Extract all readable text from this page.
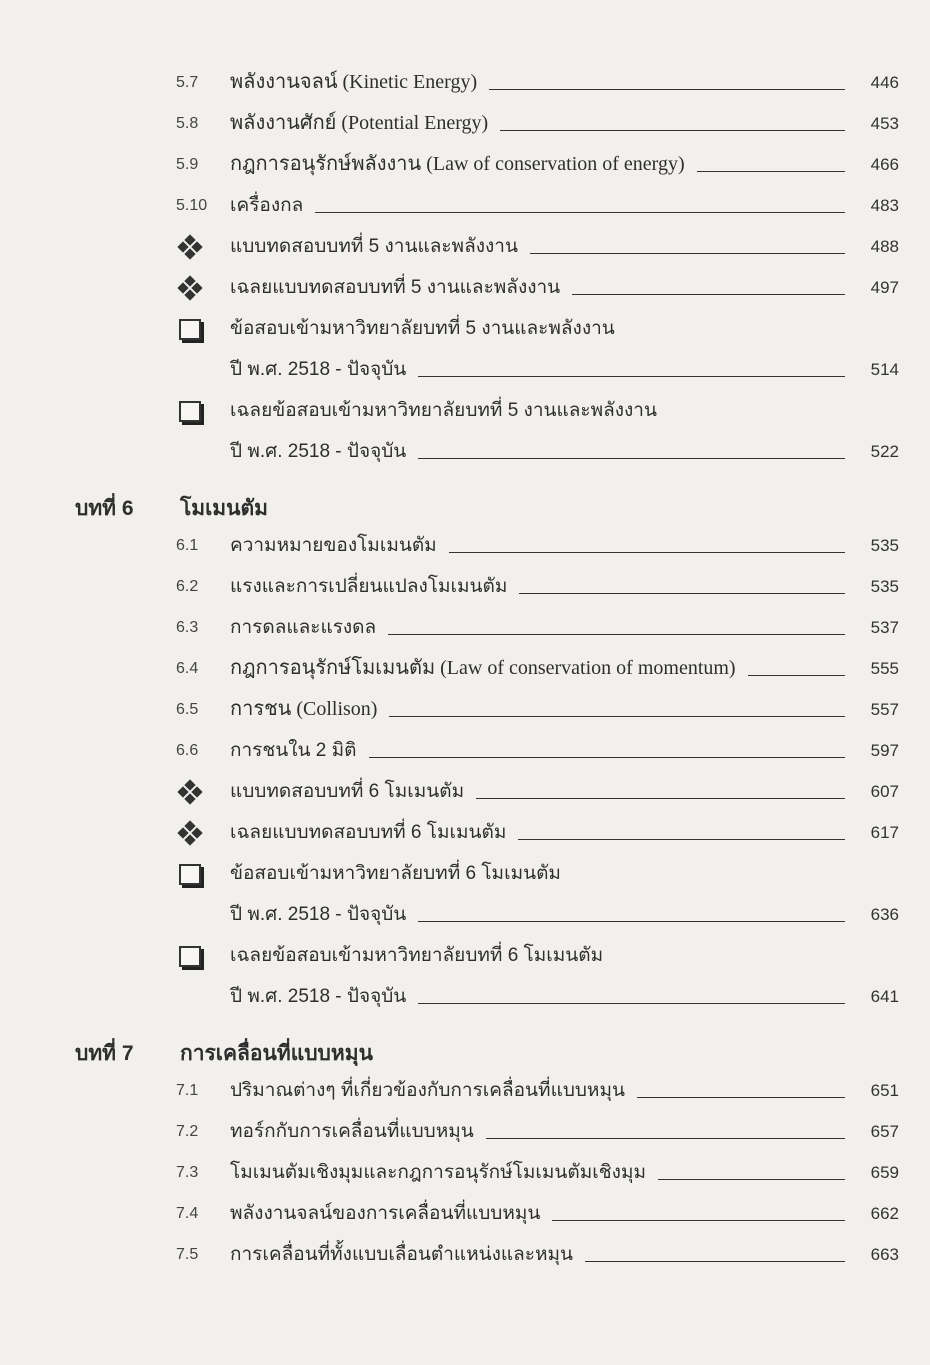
5.7 พลังงานจลน์ (Kinetic Energy)	446
5.8 พลังงานศักย์ (Potential Energy)	453
5.9 กฎการอนุรักษ์พลังงาน (Law of conservation of energy)	466
5.10 เครื่องกล	483
แบบทดสอบบทที่ 5 งานและพลังงาน	488
เฉลยแบบทดสอบบทที่ 5 งานและพลังงาน	497
ข้อสอบเข้ามหาวิทยาลัยบทที่ 5 งานและพลังงาน
ปี พ.ศ. 2518 - ปัจจุบัน	514
เฉลยข้อสอบเข้ามหาวิทยาลัยบทที่ 5 งานและพลังงาน
ปี พ.ศ. 2518 - ปัจจุบัน	522
บทที่ 6 โมเมนตัม
6.1 ความหมายของโมเมนตัม	535
6.2 แรงและการเปลี่ยนแปลงโมเมนตัม	535
6.3 การดลและแรงดล	537
6.4 กฎการอนุรักษ์โมเมนตัม (Law of conservation of momentum)	555
6.5 การชน (Collison)	557
6.6 การชนใน 2 มิติ	597
แบบทดสอบบทที่ 6 โมเมนตัม	607
เฉลยแบบทดสอบบทที่ 6 โมเมนตัม	617
ข้อสอบเข้ามหาวิทยาลัยบทที่ 6 โมเมนตัม
ปี พ.ศ. 2518 - ปัจจุบัน	636
เฉลยข้อสอบเข้ามหาวิทยาลัยบทที่ 6 โมเมนตัม
ปี พ.ศ. 2518 - ปัจจุบัน	641
บทที่ 7 การเคลื่อนที่แบบหมุน
7.1 ปริมาณต่างๆ ที่เกี่ยวข้องกับการเคลื่อนที่แบบหมุน	651
7.2 ทอร์กกับการเคลื่อนที่แบบหมุน	657
7.3 โมเมนตัมเชิงมุมและกฎการอนุรักษ์โมเมนตัมเชิงมุม	659
7.4 พลังงานจลน์ของการเคลื่อนที่แบบหมุน	662
7.5 การเคลื่อนที่ทั้งแบบเลื่อนตำแหน่งและหมุน	663
